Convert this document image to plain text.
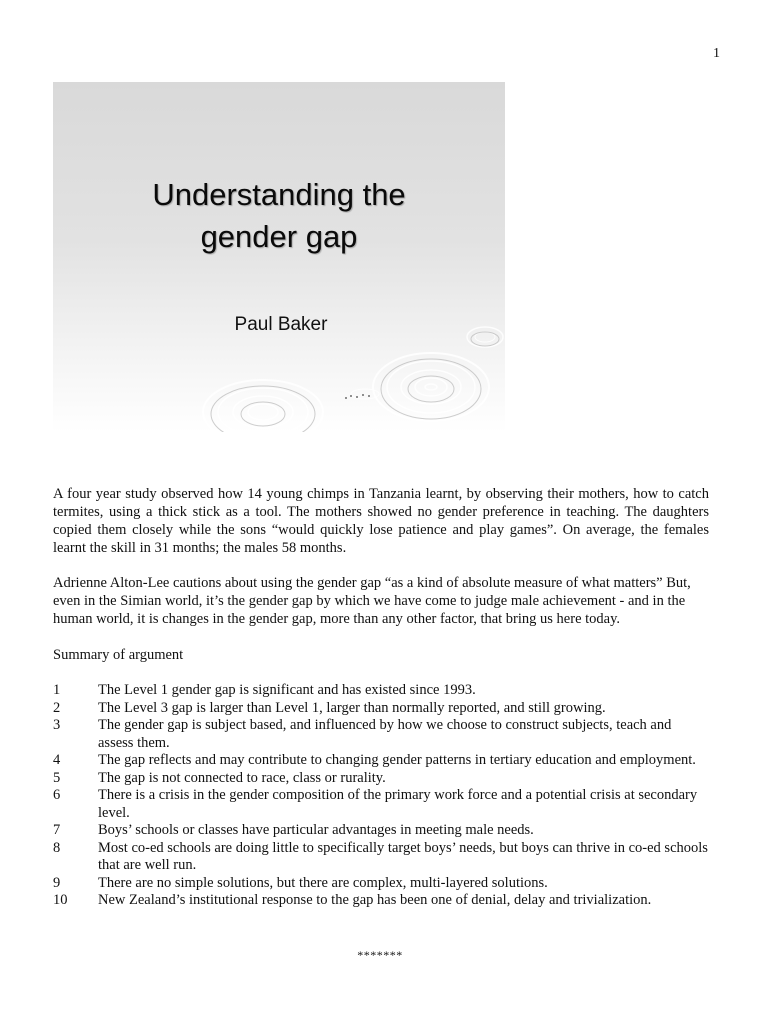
1
Understanding the
gender gap
Paul Baker

A four year study observed how 14 young chimps in Tanzania learnt, by observing their mothers, how to catch termites, using a thick stick as a tool. The mothers showed no gender preference in teaching. The daughters copied them closely while the sons “would quickly lose patience and play games”. On average, the females learnt the skill in 31 months; the males 58 months.

Adrienne Alton-Lee cautions about using the gender gap “as a kind of absolute measure of what matters” But, even in the Simian world, it’s the gender gap by which we have come to judge male achievement - and in the human world, it is changes in the gender gap, more than any other factor, that bring us here today.

Summary of argument

1	The Level 1 gender gap is significant and has existed since 1993.
2	The Level 3 gap is larger than Level 1, larger than normally reported, and still growing.
3	The gender gap is subject based, and influenced by how we choose to construct subjects, teach and assess them.
4	The gap reflects and may contribute to changing gender patterns in tertiary education and employment.
5	The gap is not connected to race, class or rurality.
6	There is a crisis in the gender composition of the primary work force and a potential crisis at secondary level.
7	Boys’ schools or classes have particular advantages in meeting male needs.
8	Most co-ed schools are doing little to specifically target boys’ needs, but boys can thrive in co-ed schools that are well run.
9	There are no simple solutions, but there are complex, multi-layered solutions.
10	New Zealand’s institutional response to the gap has been one of denial, delay and trivialization.
*******
